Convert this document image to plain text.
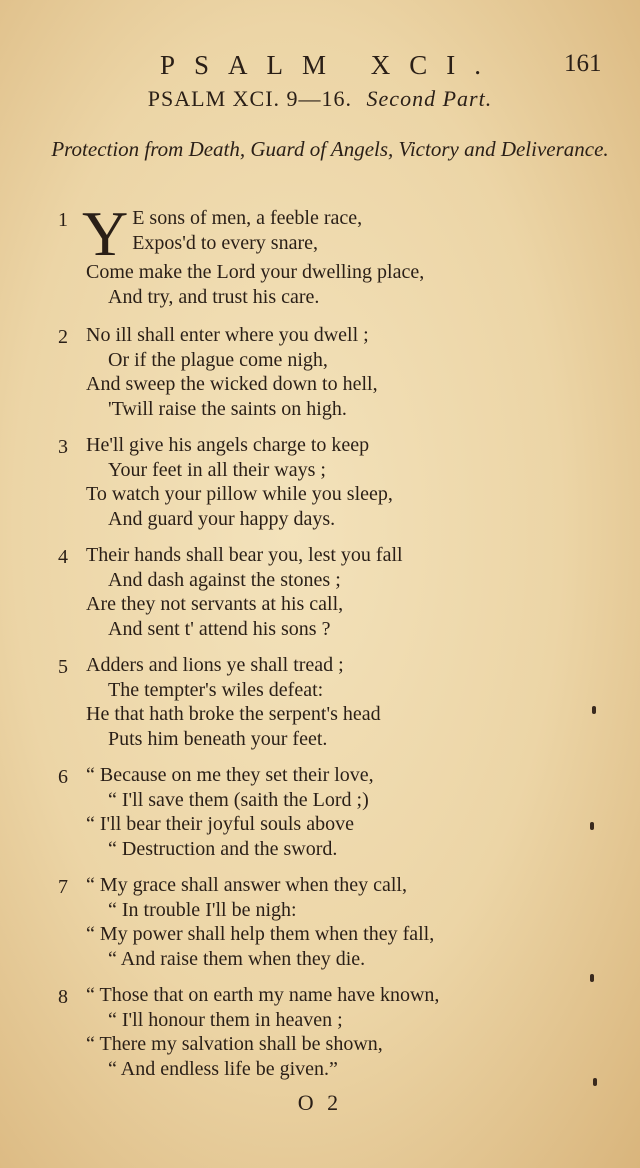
PSALM XCI.	161
PSALM XCI. 9—16. Second Part.
Protection from Death, Guard of Angels, Victory and Deliverance.
1 Y E sons of men, a feeble race,
Expos'd to every snare,
Come make the Lord your dwelling place,
And try, and trust his care.
2 No ill shall enter where you dwell ;
Or if the plague come nigh,
And sweep the wicked down to hell,
'Twill raise the saints on high.
3 He'll give his angels charge to keep
Your feet in all their ways ;
To watch your pillow while you sleep,
And guard your happy days.
4 Their hands shall bear you, lest you fall
And dash against the stones ;
Are they not servants at his call,
And sent t' attend his sons ?
5 Adders and lions ye shall tread ;
The tempter's wiles defeat:
He that hath broke the serpent's head
Puts him beneath your feet.
6 “ Because on me they set their love,
“ I'll save them (saith the Lord ;)
“ I'll bear their joyful souls above
“ Destruction and the sword.
7 “ My grace shall answer when they call,
“ In trouble I'll be nigh:
“ My power shall help them when they fall,
“ And raise them when they die.
8 “ Those that on earth my name have known,
“ I'll honour them in heaven ;
“ There my salvation shall be shown,
“ And endless life be given.”
O 2
